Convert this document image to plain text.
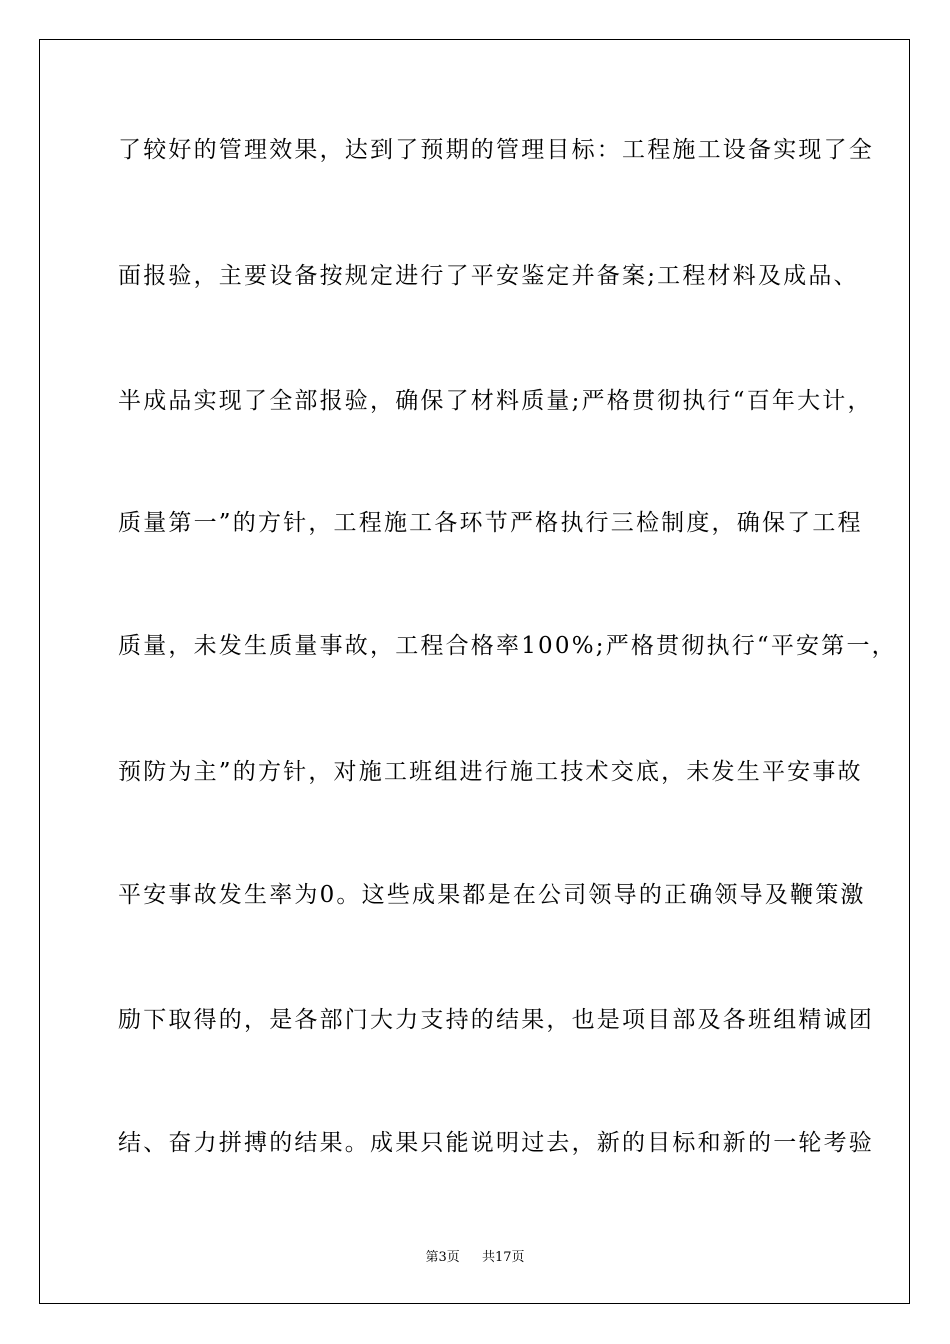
了较好的管理效果，达到了预期的管理目标：工程施工设备实现了全
面报验，主要设备按规定进行了平安鉴定并备案;工程材料及成品、
半成品实现了全部报验，确保了材料质量;严格贯彻执行“百年大计，
质量第一”的方针，工程施工各环节严格执行三检制度，确保了工程
质量，未发生质量事故，工程合格率100%;严格贯彻执行“平安第一，
预防为主”的方针，对施工班组进行施工技术交底，未发生平安事故
平安事故发生率为0。这些成果都是在公司领导的正确领导及鞭策激
励下取得的，是各部门大力支持的结果，也是项目部及各班组精诚团
结、奋力拼搏的结果。成果只能说明过去，新的目标和新的一轮考验
第3页 共17页
